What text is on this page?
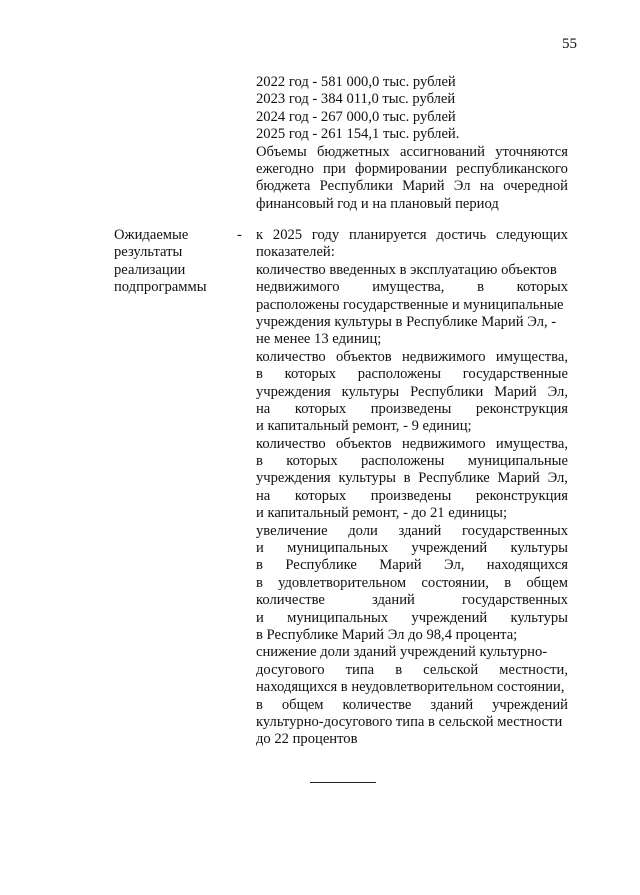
55
2022 год - 581 000,0 тыс. рублей
2023 год - 384 011,0 тыс. рублей
2024 год - 267 000,0 тыс. рублей
2025 год - 261 154,1 тыс. рублей.
Объемы бюджетных ассигнований уточняются
ежегодно при формировании республиканского
бюджета Республики Марий Эл на очередной
финансовый год и на плановый период
Ожидаемые
результаты
реализации
подпрограммы
- к 2025 году планируется достичь следующих
показателей:
количество введенных в эксплуатацию объектов
недвижимого имущества, в которых
расположены государственные и муниципальные
учреждения культуры в Республике Марий Эл, -
не менее 13 единиц;
количество объектов недвижимого имущества,
в которых расположены государственные
учреждения культуры Республики Марий Эл,
на которых произведены реконструкция
и капитальный ремонт, - 9 единиц;
количество объектов недвижимого имущества,
в которых расположены муниципальные
учреждения культуры в Республике Марий Эл,
на которых произведены реконструкция
и капитальный ремонт, - до 21 единицы;
увеличение доли зданий государственных
и муниципальных учреждений культуры
в Республике Марий Эл, находящихся
в удовлетворительном состоянии, в общем
количестве	зданий	государственных
и муниципальных учреждений культуры
в Республике Марий Эл до 98,4 процента;
снижение доли зданий учреждений культурно-
досугового типа в сельской местности,
находящихся в неудовлетворительном состоянии,
в общем количестве зданий учреждений
культурно-досугового типа в сельской местности
до 22 процентов
